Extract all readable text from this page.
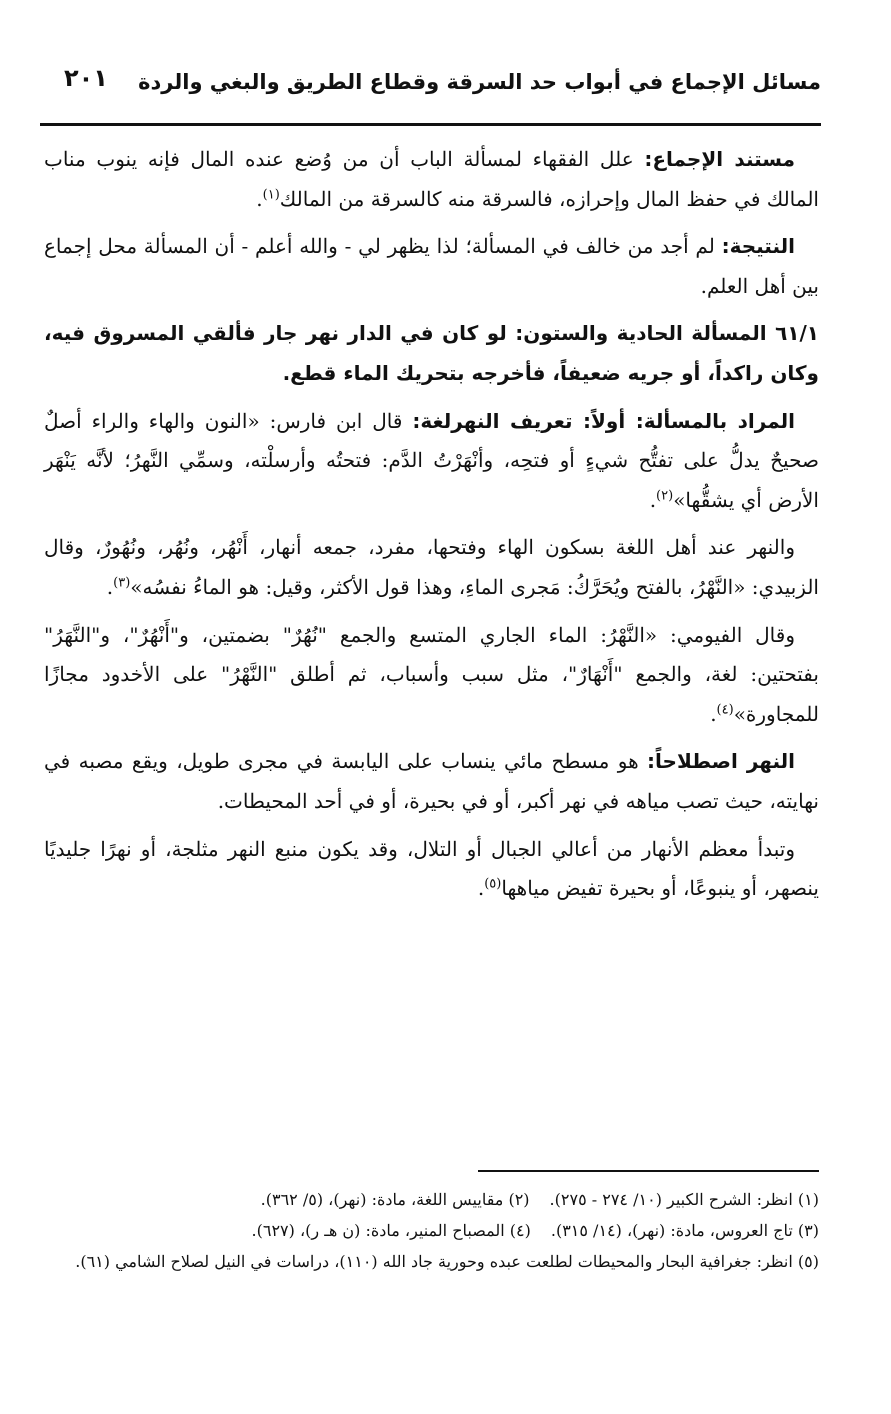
مسائل الإجماع في أبواب حد السرقة وقطاع الطريق والبغي والردة
٢٠١

مستند الإجماع: علل الفقهاء لمسألة الباب أن من وُضع عنده المال فإنه ينوب مناب المالك في حفظ المال وإحرازه، فالسرقة منه كالسرقة من المالك$^{(١)}$.

النتيجة: لم أجد من خالف في المسألة؛ لذا يظهر لي - والله أعلم - أن المسألة محل إجماع بين أهل العلم.

٦١/١ المسألة الحادية والستون: لو كان في الدار نهر جار فألقي المسروق فيه، وكان راكداً، أو جريه ضعيفاً، فأخرجه بتحريك الماء قطع.

المراد بالمسألة: أولاً: تعريف النهرلغة: قال ابن فارس: «النون والهاء والراء أصلٌ صحيحٌ يدلُّ على تفتُّح شيءٍ أو فتحِه، وأنْهَرْتُ الدَّم: فتحتُه وأرسلْته، وسمِّي النَّهرُ؛ لأنَّه يَنْهَر الأرض أي يشقُّها»$^{(٢)}$.

والنهر عند أهل اللغة بسكون الهاء وفتحها، مفرد، جمعه أنهار، أَنْهُر، ونُهُر، ونُهُورٌ، وقال الزبيدي: «النَّهْرُ، بالفتح ويُحَرَّكُ: مَجرى الماءِ، وهذا قول الأكثر، وقيل: هو الماءُ نفسُه»$^{(٣)}$.

وقال الفيومي: «النَّهْرُ: الماء الجاري المتسع والجمع "نُهُرٌ" بضمتين، و"أَنْهُرٌ"، و"النَّهَرُ" بفتحتين: لغة، والجمع "أَنْهَارٌ"، مثل سبب وأسباب، ثم أطلق "النَّهْرُ" على الأخدود مجازًا للمجاورة»$^{(٤)}$.

النهر اصطلاحاً: هو مسطح مائي ينساب على اليابسة في مجرى طويل، ويقع مصبه في نهايته، حيث تصب مياهه في نهر أكبر، أو في بحيرة، أو في أحد المحيطات.

وتبدأ معظم الأنهار من أعالي الجبال أو التلال، وقد يكون منبع النهر مثلجة، أو نهرًا جليديًا ينصهر، أو ينبوعًا، أو بحيرة تفيض مياهها$^{(٥)}$.

(١) انظر: الشرح الكبير (١٠/ ٢٧٤ - ٢٧٥).(٢) مقاييس اللغة، مادة: (نهر)، (٥/ ٣٦٢).

(٣) تاج العروس، مادة: (نهر)، (١٤/ ٣١٥).(٤) المصباح المنير، مادة: (ن هـ ر)، (٦٢٧).

(٥) انظر: جغرافية البحار والمحيطات لطلعت عبده وحورية جاد الله (١١٠)، دراسات في النيل لصلاح الشامي (٦١).
